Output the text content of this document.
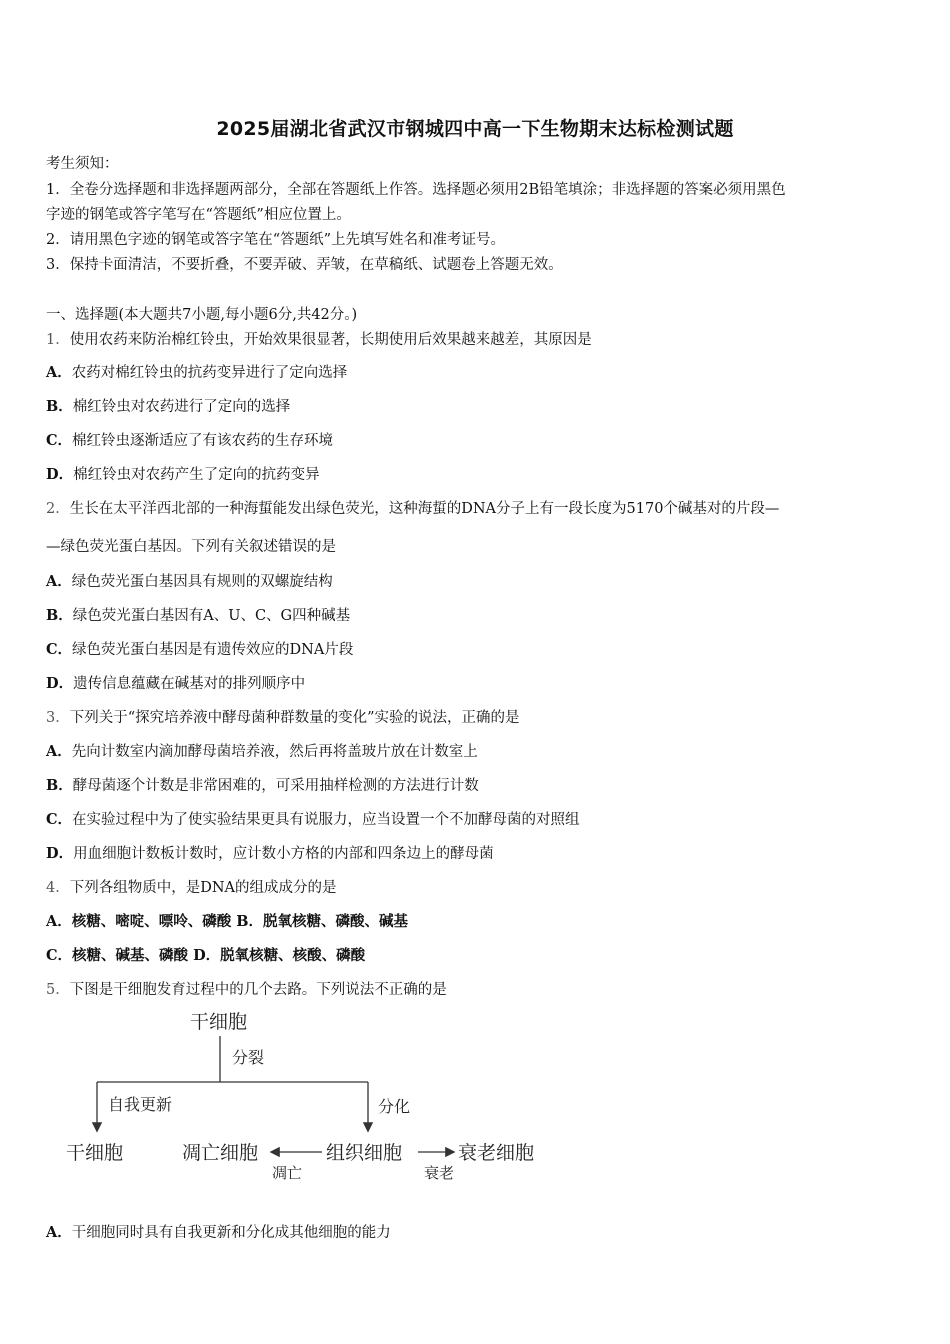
2025届湖北省武汉市钢城四中高一下生物期末达标检测试题
考生须知：
1．全卷分选择题和非选择题两部分，全部在答题纸上作答。选择题必须用2B铅笔填涂；非选择题的答案必须用黑色
字迹的钢笔或答字笔写在“答题纸”相应位置上。
2．请用黑色字迹的钢笔或答字笔在“答题纸”上先填写姓名和准考证号。
3．保持卡面清洁，不要折叠，不要弄破、弄皱，在草稿纸、试题卷上答题无效。
一、选择题(本大题共7小题,每小题6分,共42分。)
1．使用农药来防治棉红铃虫，开始效果很显著，长期使用后效果越来越差，其原因是
A．农药对棉红铃虫的抗药变异进行了定向选择
B．棉红铃虫对农药进行了定向的选择
C．棉红铃虫逐渐适应了有该农药的生存环境
D．棉红铃虫对农药产生了定向的抗药变异
2．生长在太平洋西北部的一种海蜇能发出绿色荧光，这种海蜇的DNA分子上有一段长度为5170个碱基对的片段—
—绿色荧光蛋白基因。下列有关叙述错误的是
A．绿色荧光蛋白基因具有规则的双螺旋结构
B．绿色荧光蛋白基因有A、U、C、G四种碱基
C．绿色荧光蛋白基因是有遗传效应的DNA片段
D．遗传信息蕴藏在碱基对的排列顺序中
3．下列关于“探究培养液中酵母菌种群数量的变化”实验的说法，正确的是
A．先向计数室内滴加酵母菌培养液，然后再将盖玻片放在计数室上
B．酵母菌逐个计数是非常困难的，可采用抽样检测的方法进行计数
C．在实验过程中为了使实验结果更具有说服力，应当设置一个不加酵母菌的对照组
D．用血细胞计数板计数时，应计数小方格的内部和四条边上的酵母菌
4．下列各组物质中，是DNA的组成成分的是
A．核糖、嘧啶、嘌呤、磷酸 B．脱氧核糖、磷酸、碱基
C．核糖、碱基、磷酸 D．脱氧核糖、核酸、磷酸
5．下图是干细胞发育过程中的几个去路。下列说法不正确的是
干细胞
分裂
自我更新	分化
干细胞	凋亡细胞
凋亡
组织细胞
衰老
衰老细胞
A．干细胞同时具有自我更新和分化成其他细胞的能力
